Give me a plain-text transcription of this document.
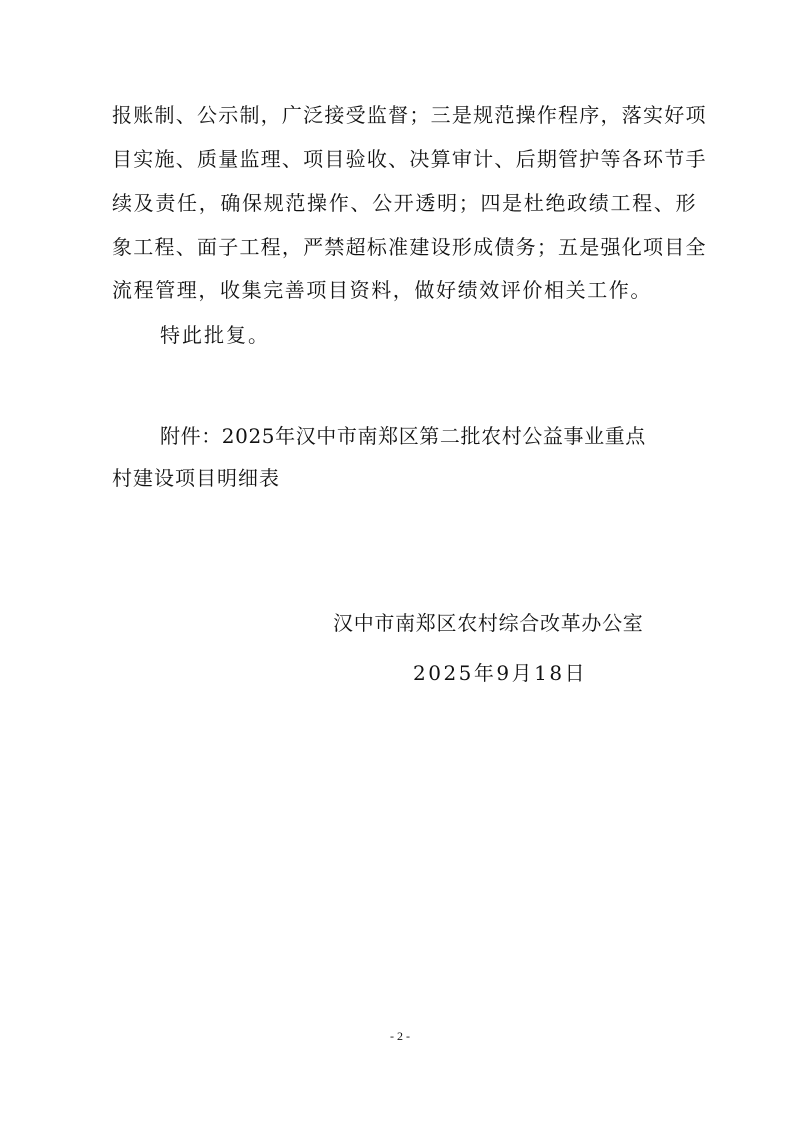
报账制、公示制，广泛接受监督；三是规范操作程序，落实好项
目实施、质量监理、项目验收、决算审计、后期管护等各环节手
续及责任，确保规范操作、公开透明；四是杜绝政绩工程、形
象工程、面子工程，严禁超标准建设形成债务；五是强化项目全
流程管理，收集完善项目资料，做好绩效评价相关工作。
特此批复。
附件：2025年汉中市南郑区第二批农村公益事业重点
村建设项目明细表
汉中市南郑区农村综合改革办公室
2025年9月18日
- 2 -
